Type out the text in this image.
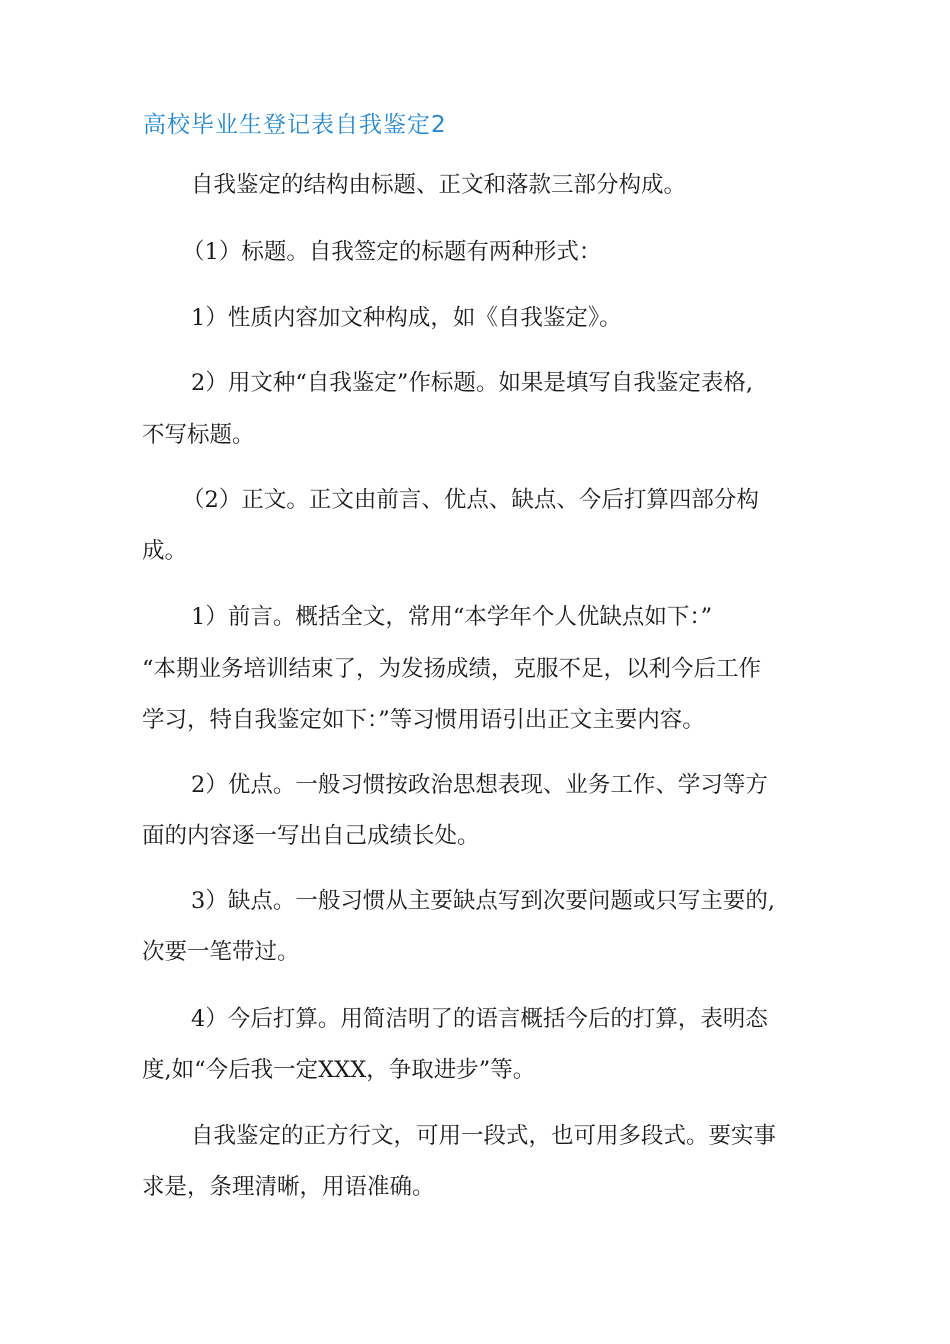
高校毕业生登记表自我鉴定2
自我鉴定的结构由标题、正文和落款三部分构成。
（1）标题。自我签定的标题有两种形式：
1）性质内容加文种构成，如《自我鉴定》。
2）用文种“自我鉴定”作标题。如果是填写自我鉴定表格,
不写标题。
（2）正文。正文由前言、优点、缺点、今后打算四部分构
成。
1）前言。概括全文，常用“本学年个人优缺点如下：”
“本期业务培训结束了，为发扬成绩，克服不足，以利今后工作
学习，特自我鉴定如下：”等习惯用语引出正文主要内容。
2）优点。一般习惯按政治思想表现、业务工作、学习等方
面的内容逐一写出自己成绩长处。
3）缺点。一般习惯从主要缺点写到次要问题或只写主要的,
次要一笔带过。
4）今后打算。用简洁明了的语言概括今后的打算，表明态
度,如“今后我一定XXX，争取进步”等。
自我鉴定的正方行文，可用一段式，也可用多段式。要实事
求是，条理清晰，用语准确。
